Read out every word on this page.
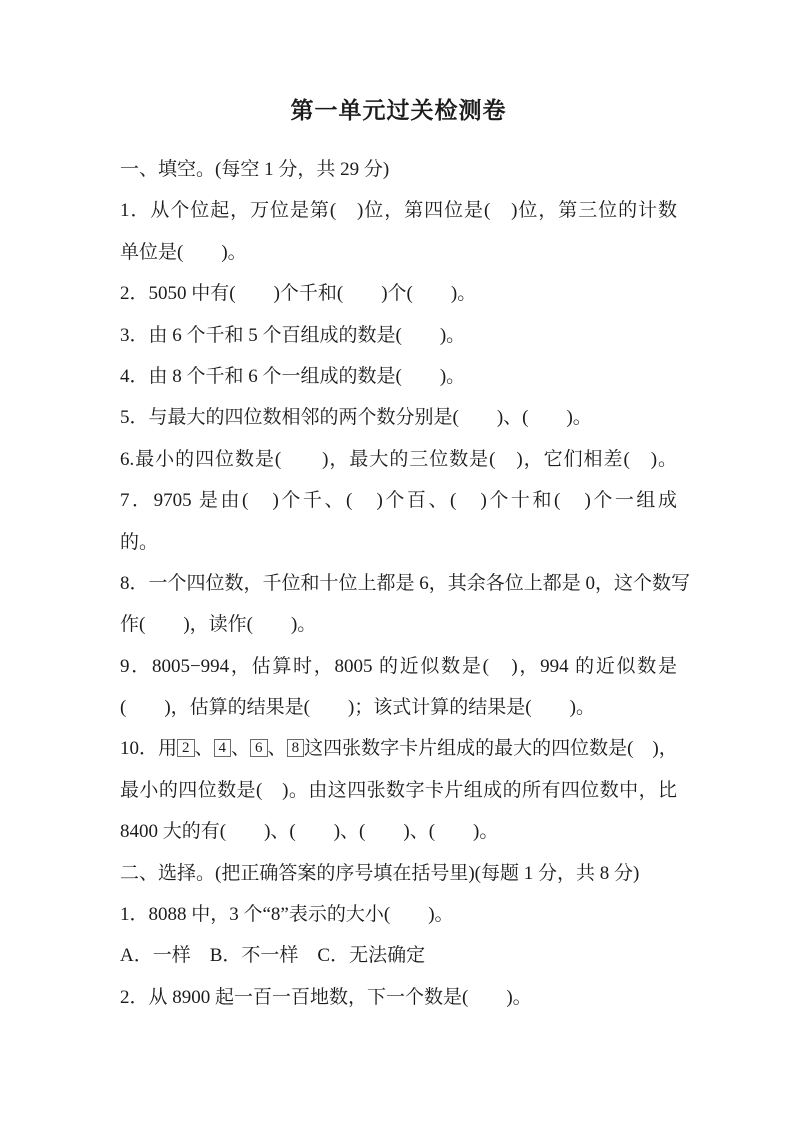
第一单元过关检测卷
一、填空。(每空 1 分，共 29 分)
1．从个位起，万位是第(　)位，第四位是(　)位，第三位的计数
单位是(　　)。
2．5050 中有(　　)个千和(　　)个(　　)。
3．由 6 个千和 5 个百组成的数是(　　)。
4．由 8 个千和 6 个一组成的数是(　　)。
5．与最大的四位数相邻的两个数分别是(　　)、(　　)。
6.最小的四位数是(　　)，最大的三位数是(　)，它们相差(　)。
7．9705 是由(　)个千、(　)个百、(　)个十和(　)个一组成
的。
8．一个四位数，千位和十位上都是 6，其余各位上都是 0，这个数写
作(　　)，读作(　　)。
9．8005−994，估算时，8005 的近似数是(　)，994 的近似数是
(　　)，估算的结果是(　　)；该式计算的结果是(　　)。
10．用 2 、 4 、 6 、 8 这四张数字卡片组成的最大的四位数是(　)，
最小的四位数是(　)。由这四张数字卡片组成的所有四位数中，比
8400 大的有(　　)、(　　)、(　　)、(　　)。
二、选择。(把正确答案的序号填在括号里)(每题 1 分，共 8 分)
1．8088 中，3 个“8”表示的大小(　　)。
A．一样　B．不一样　C．无法确定
2．从 8900 起一百一百地数，下一个数是(　　)。
